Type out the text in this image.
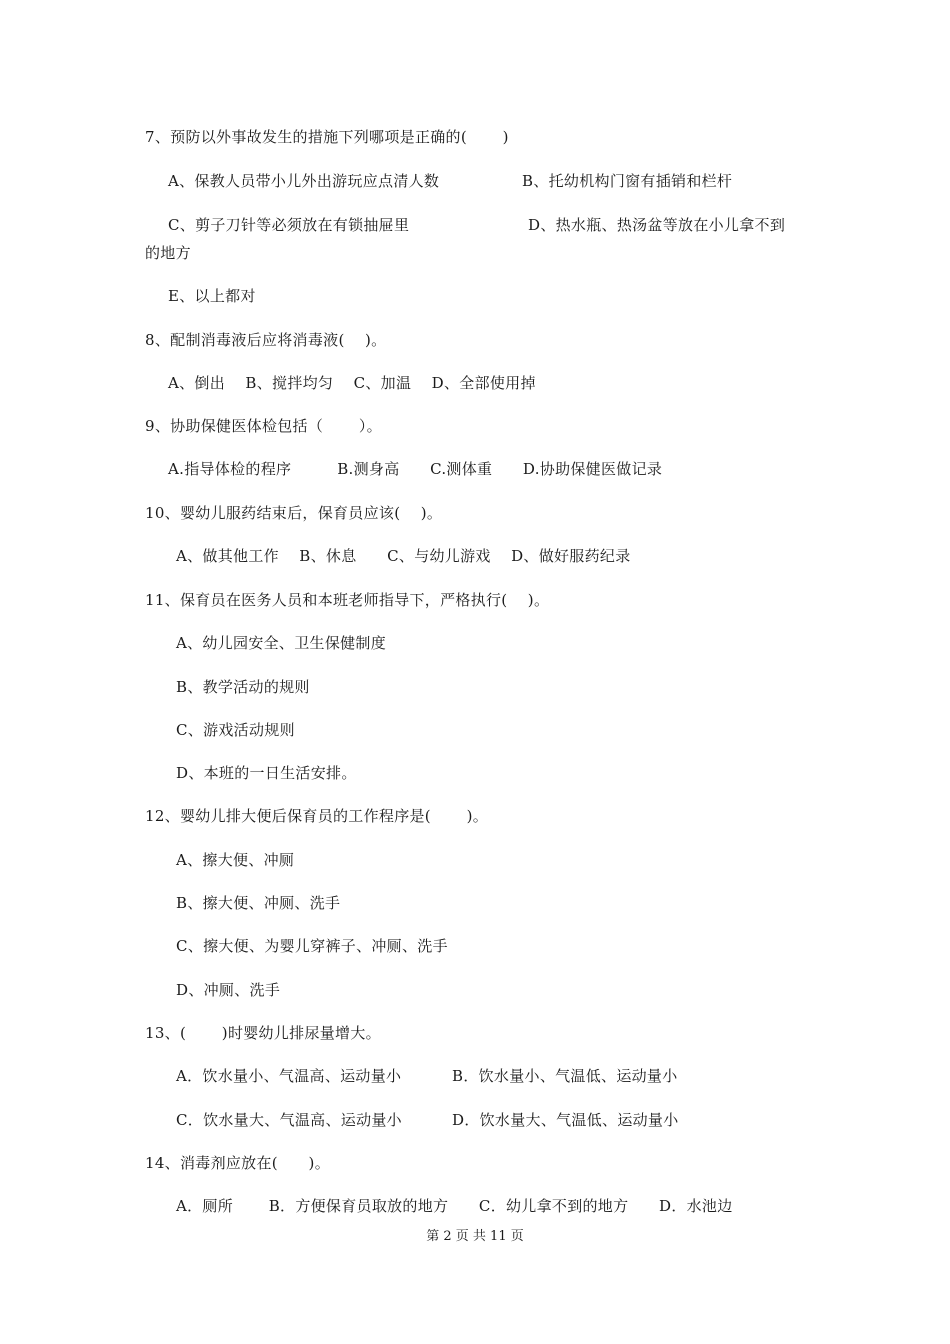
7、预防以外事故发生的措施下列哪项是正确的(　　 )
A、保教人员带小儿外出游玩应点清人数	B、托幼机构门窗有插销和栏杆
C、剪子刀针等必须放在有锁抽屉里	D、热水瓶、热汤盆等放在小儿拿不到
的地方
E、以上都对
8、配制消毒液后应将消毒液(　 )。
A、倒出　 B、搅拌均匀　 C、加温　 D、全部使用掉
9、协助保健医体检包括（　　 ）。
A.指导体检的程序　　　B.测身高　　C.测体重　　D.协助保健医做记录
10、婴幼儿服药结束后，保育员应该(　 )。
A、做其他工作　 B、休息　　C、与幼儿游戏　 D、做好服药纪录
11、保育员在医务人员和本班老师指导下，严格执行(　 )。
A、幼儿园安全、卫生保健制度
B、教学活动的规则
C、游戏活动规则
D、本班的一日生活安排。
12、婴幼儿排大便后保育员的工作程序是(　　 )。
A、擦大便、冲厕
B、擦大便、冲厕、洗手
C、擦大便、为婴儿穿裤子、冲厕、洗手
D、冲厕、洗手
13、(　　 )时婴幼儿排尿量增大。
A．饮水量小、气温高、运动量小	B．饮水量小、气温低、运动量小
C．饮水量大、气温高、运动量小	D．饮水量大、气温低、运动量小
14、消毒剂应放在(　　)。
A．厕所　　 B．方便保育员取放的地方　　C．幼儿拿不到的地方　　D．水池边
第 2 页 共 11 页
